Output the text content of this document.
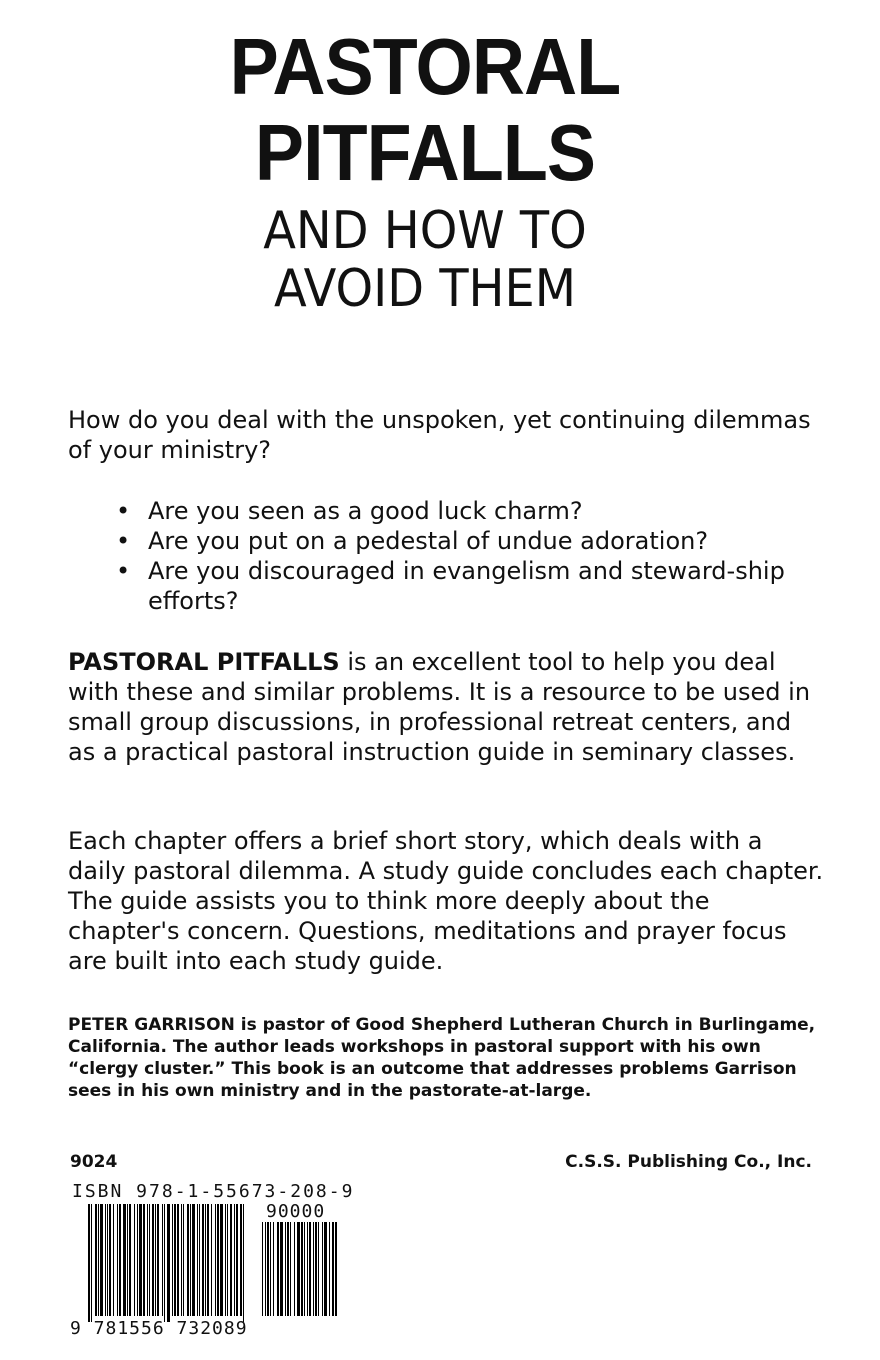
PASTORAL
PITFALLS
AND HOW TO
AVOID THEM

How do you deal with the unspoken, yet continuing dilemmas of your ministry?

• Are you seen as a good luck charm?
• Are you put on a pedestal of undue adoration?
• Are you discouraged in evangelism and steward-ship efforts?

PASTORAL PITFALLS is an excellent tool to help you deal with these and similar problems. It is a resource to be used in small group discussions, in professional retreat centers, and as a practical pastoral instruction guide in seminary classes.

Each chapter offers a brief short story, which deals with a daily pastoral dilemma. A study guide concludes each chapter. The guide assists you to think more deeply about the chapter's concern. Questions, meditations and prayer focus are built into each study guide.

PETER GARRISON is pastor of Good Shepherd Lutheran Church in Burlingame, California. The author leads workshops in pastoral support with his own “clergy cluster.” This book is an outcome that addresses problems Garrison sees in his own ministry and in the pastorate-at-large.

9024	C.S.S. Publishing Co., Inc.
ISBN 978-1-55673-208-9
90000
9 781556 732089
